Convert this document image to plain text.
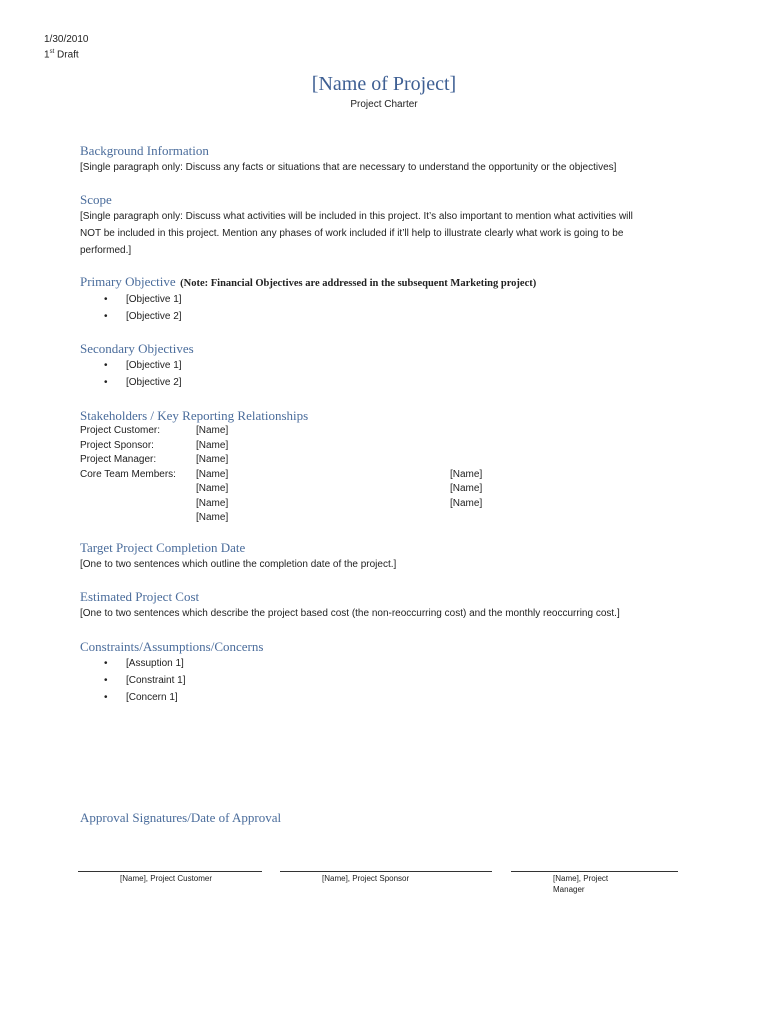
1/30/2010
1st Draft
[Name of Project]
Project Charter
Background Information
[Single paragraph only: Discuss any facts or situations that are necessary to understand the opportunity or the objectives]
Scope
[Single paragraph only: Discuss what activities will be included in this project. It’s also important to mention what activities will
NOT be included in this project. Mention any phases of work included if it’ll help to illustrate clearly what work is going to be
performed.]
Primary Objective (Note: Financial Objectives are addressed in the subsequent Marketing project)
• [Objective 1]
• [Objective 2]
Secondary Objectives
• [Objective 1]
• [Objective 2]
Stakeholders / Key Reporting Relationships
Project Customer:	[Name]
Project Sponsor:	[Name]
Project Manager:	[Name]
Core Team Members: [Name]	[Name]
[Name]	[Name]
[Name]	[Name]
[Name]
Target Project Completion Date
[One to two sentences which outline the completion date of the project.]
Estimated Project Cost
[One to two sentences which describe the project based cost (the non-reoccurring cost) and the monthly reoccurring cost.]
Constraints/Assumptions/Concerns
• [Assuption 1]
• [Constraint 1]
• [Concern 1]
Approval Signatures/Date of Approval
[Name], Project Customer	[Name], Project Sponsor	[Name], Project
Manager
